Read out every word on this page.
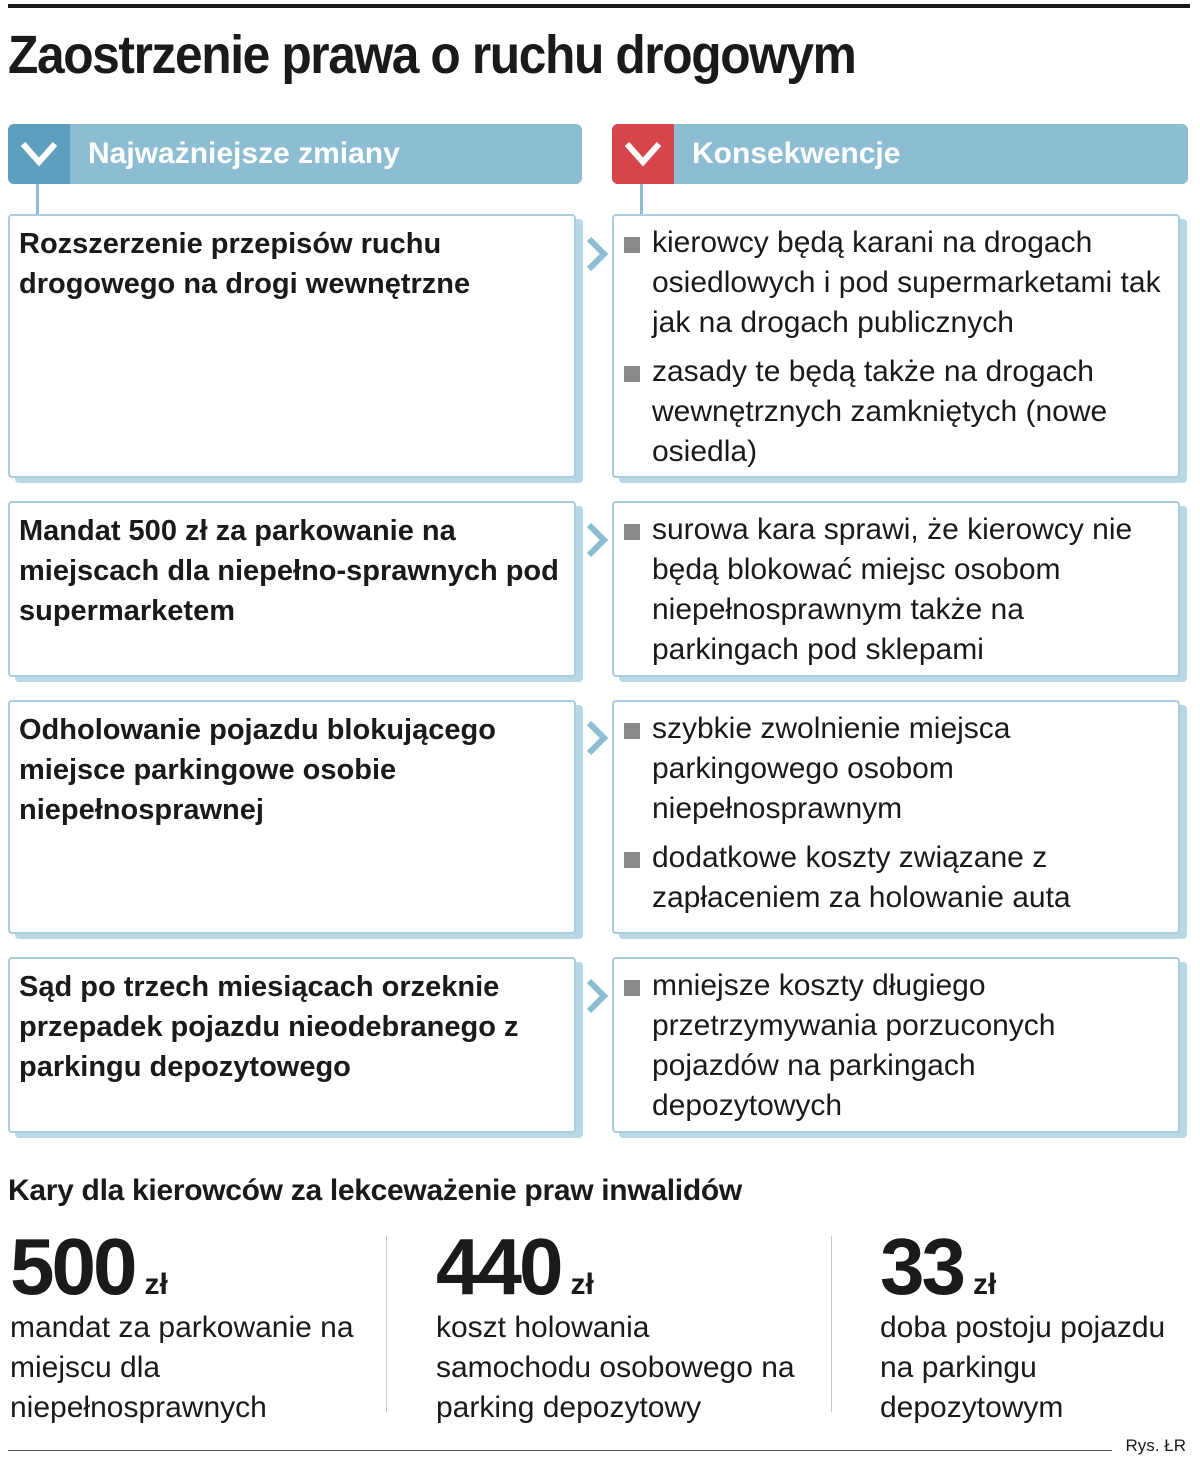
Zaostrzenie prawa o ruchu drogowym
Najważniejsze zmiany	Konsekwencje
Rozszerzenie przepisów ruchu drogowego na drogi wewnętrzne
kierowcy będą karani na drogach osiedlowych i pod supermarketami tak jak na drogach publicznych
zasady te będą także na drogach wewnętrznych zamkniętych (nowe osiedla)
Mandat 500 zł za parkowanie na miejscach dla niepełno-sprawnych pod supermarketem
surowa kara sprawi, że kierowcy nie będą blokować miejsc osobom niepełnosprawnym także na parkingach pod sklepami
Odholowanie pojazdu blokującego miejsce parkingowe osobie niepełnosprawnej
szybkie zwolnienie miejsca parkingowego osobom niepełnosprawnym
dodatkowe koszty związane z zapłaceniem za holowanie auta
Sąd po trzech miesiącach orzeknie przepadek pojazdu nieodebranego z parkingu depozytowego
mniejsze koszty długiego przetrzymywania porzuconych pojazdów na parkingach depozytowych
Kary dla kierowców za lekceważenie praw inwalidów
500 zł
mandat za parkowanie na miejscu dla niepełnosprawnych
440 zł
koszt holowania samochodu osobowego na parking depozytowy
33 zł
doba postoju pojazdu na parkingu depozytowym
Rys. ŁR
